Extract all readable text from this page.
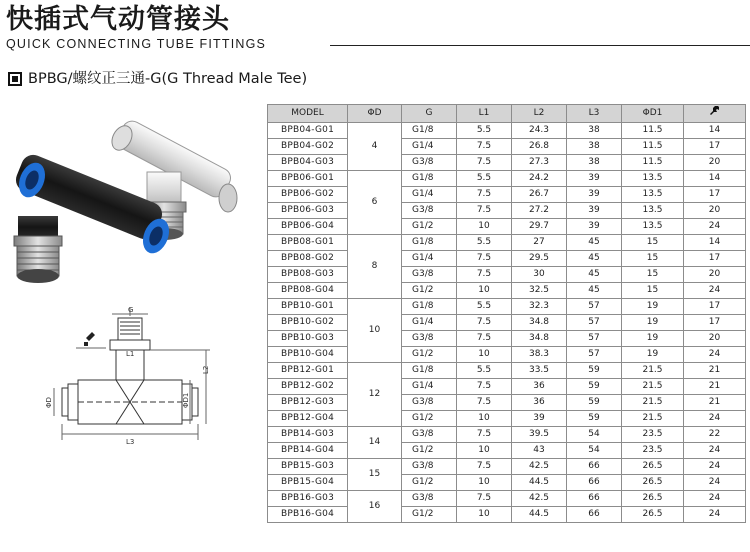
快插式气动管接头
QUICK CONNECTING TUBE FITTINGS
BPBG/螺纹正三通-G(G Thread Male Tee)
G
L1
L2
L3
ΦD	ΦD1
MODEL	ΦD	G	L1	L2	L3	ΦD1	
BPB04-G01	4	G1/8	5.5	24.3	38	11.5	14
BPB04-G02		G1/4	7.5	26.8	38	11.5	17
BPB04-G03		G3/8	7.5	27.3	38	11.5	20
BPB06-G01	6	G1/8	5.5	24.2	39	13.5	14
BPB06-G02		G1/4	7.5	26.7	39	13.5	17
BPB06-G03		G3/8	7.5	27.2	39	13.5	20
BPB06-G04		G1/2	10	29.7	39	13.5	24
BPB08-G01	8	G1/8	5.5	27	45	15	14
BPB08-G02		G1/4	7.5	29.5	45	15	17
BPB08-G03		G3/8	7.5	30	45	15	20
BPB08-G04		G1/2	10	32.5	45	15	24
BPB10-G01	10	G1/8	5.5	32.3	57	19	17
BPB10-G02		G1/4	7.5	34.8	57	19	17
BPB10-G03		G3/8	7.5	34.8	57	19	20
BPB10-G04		G1/2	10	38.3	57	19	24
BPB12-G01	12	G1/8	5.5	33.5	59	21.5	21
BPB12-G02		G1/4	7.5	36	59	21.5	21
BPB12-G03		G3/8	7.5	36	59	21.5	21
BPB12-G04		G1/2	10	39	59	21.5	24
BPB14-G03	14	G3/8	7.5	39.5	54	23.5	22
BPB14-G04		G1/2	10	43	54	23.5	24
BPB15-G03	15	G3/8	7.5	42.5	66	26.5	24
BPB15-G04		G1/2	10	44.5	66	26.5	24
BPB16-G03	16	G3/8	7.5	42.5	66	26.5	24
BPB16-G04		G1/2	10	44.5	66	26.5	24
